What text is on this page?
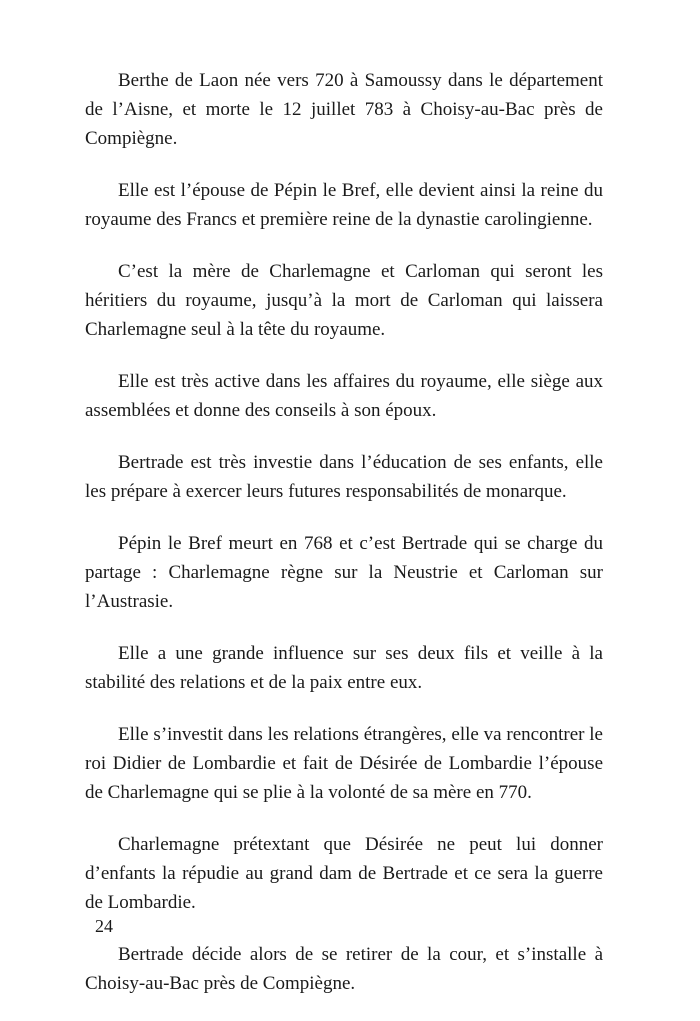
Berthe de Laon née vers 720 à Samoussy dans le département de l’Aisne, et morte le 12 juillet 783 à Choisy-au-Bac près de Compiègne.

Elle est l’épouse de Pépin le Bref, elle devient ainsi la reine du royaume des Francs et première reine de la dynastie carolingienne.

C’est la mère de Charlemagne et Carloman qui seront les héritiers du royaume, jusqu’à la mort de Carloman qui laissera Charlemagne seul à la tête du royaume.

Elle est très active dans les affaires du royaume, elle siège aux assemblées et donne des conseils à son époux.

Bertrade est très investie dans l’éducation de ses enfants, elle les prépare à exercer leurs futures responsabilités de monarque.

Pépin le Bref meurt en 768 et c’est Bertrade qui se charge du partage : Charlemagne règne sur la Neustrie et Carloman sur l’Austrasie.

Elle a une grande influence sur ses deux fils et veille à la stabilité des relations et de la paix entre eux.

Elle s’investit dans les relations étrangères, elle va rencontrer le roi Didier de Lombardie et fait de Désirée de Lombardie l’épouse de Charlemagne qui se plie à la volonté de sa mère en 770.

Charlemagne prétextant que Désirée ne peut lui donner d’enfants la répudie au grand dam de Bertrade et ce sera la guerre de Lombardie.

Bertrade décide alors de se retirer de la cour, et s’installe à Choisy-au-Bac près de Compiègne.

24
